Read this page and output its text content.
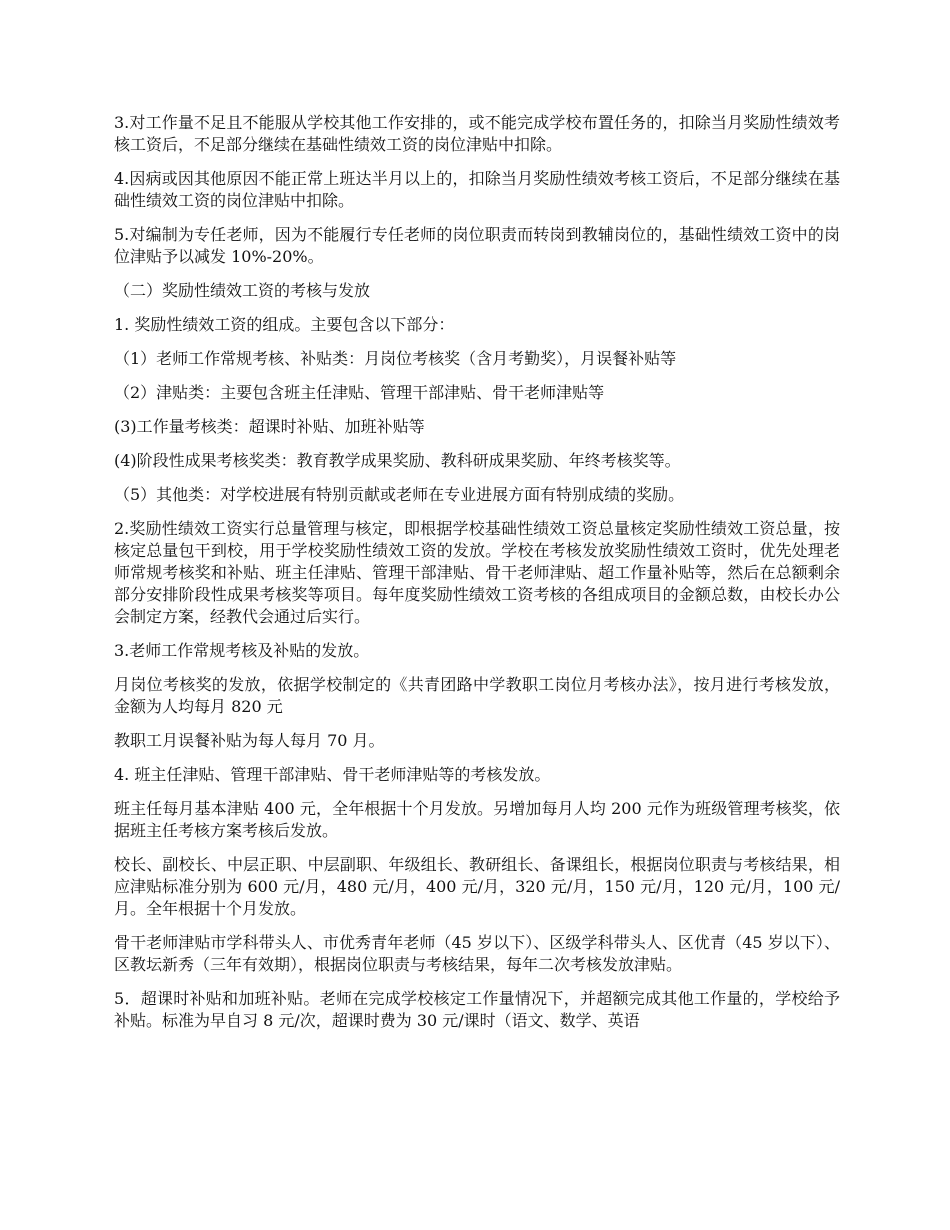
3.对工作量不足且不能服从学校其他工作安排的，或不能完成学校布置任务的，扣除当月奖励性绩效考核工资后，不足部分继续在基础性绩效工资的岗位津贴中扣除。

4.因病或因其他原因不能正常上班达半月以上的，扣除当月奖励性绩效考核工资后，不足部分继续在基础性绩效工资的岗位津贴中扣除。

5.对编制为专任老师，因为不能履行专任老师的岗位职责而转岗到教辅岗位的，基础性绩效工资中的岗位津贴予以减发 10%-20%。

（二）奖励性绩效工资的考核与发放

1. 奖励性绩效工资的组成。主要包含以下部分：

（1）老师工作常规考核、补贴类：月岗位考核奖（含月考勤奖），月误餐补贴等

（2）津贴类：主要包含班主任津贴、管理干部津贴、骨干老师津贴等

(3)工作量考核类：超课时补贴、加班补贴等

(4)阶段性成果考核奖类：教育教学成果奖励、教科研成果奖励、年终考核奖等。

（5）其他类：对学校进展有特别贡献或老师在专业进展方面有特别成绩的奖励。

2.奖励性绩效工资实行总量管理与核定，即根据学校基础性绩效工资总量核定奖励性绩效工资总量，按核定总量包干到校，用于学校奖励性绩效工资的发放。学校在考核发放奖励性绩效工资时，优先处理老师常规考核奖和补贴、班主任津贴、管理干部津贴、骨干老师津贴、超工作量补贴等，然后在总额剩余部分安排阶段性成果考核奖等项目。每年度奖励性绩效工资考核的各组成项目的金额总数，由校长办公会制定方案，经教代会通过后实行。

3.老师工作常规考核及补贴的发放。

月岗位考核奖的发放，依据学校制定的《共青团路中学教职工岗位月考核办法》，按月进行考核发放，金额为人均每月 820 元

教职工月误餐补贴为每人每月 70 月。

4. 班主任津贴、管理干部津贴、骨干老师津贴等的考核发放。

班主任每月基本津贴 400 元，全年根据十个月发放。另增加每月人均 200 元作为班级管理考核奖，依据班主任考核方案考核后发放。

校长、副校长、中层正职、中层副职、年级组长、教研组长、备课组长，根据岗位职责与考核结果，相应津贴标准分别为 600 元/月，480 元/月，400 元/月，320 元/月，150 元/月，120 元/月，100 元/月。全年根据十个月发放。

骨干老师津贴市学科带头人、市优秀青年老师（45 岁以下）、区级学科带头人、区优青（45 岁以下）、区教坛新秀（三年有效期），根据岗位职责与考核结果，每年二次考核发放津贴。

5．超课时补贴和加班补贴。老师在完成学校核定工作量情况下，并超额完成其他工作量的，学校给予补贴。标准为早自习 8 元/次，超课时费为 30 元/课时（语文、数学、英语
